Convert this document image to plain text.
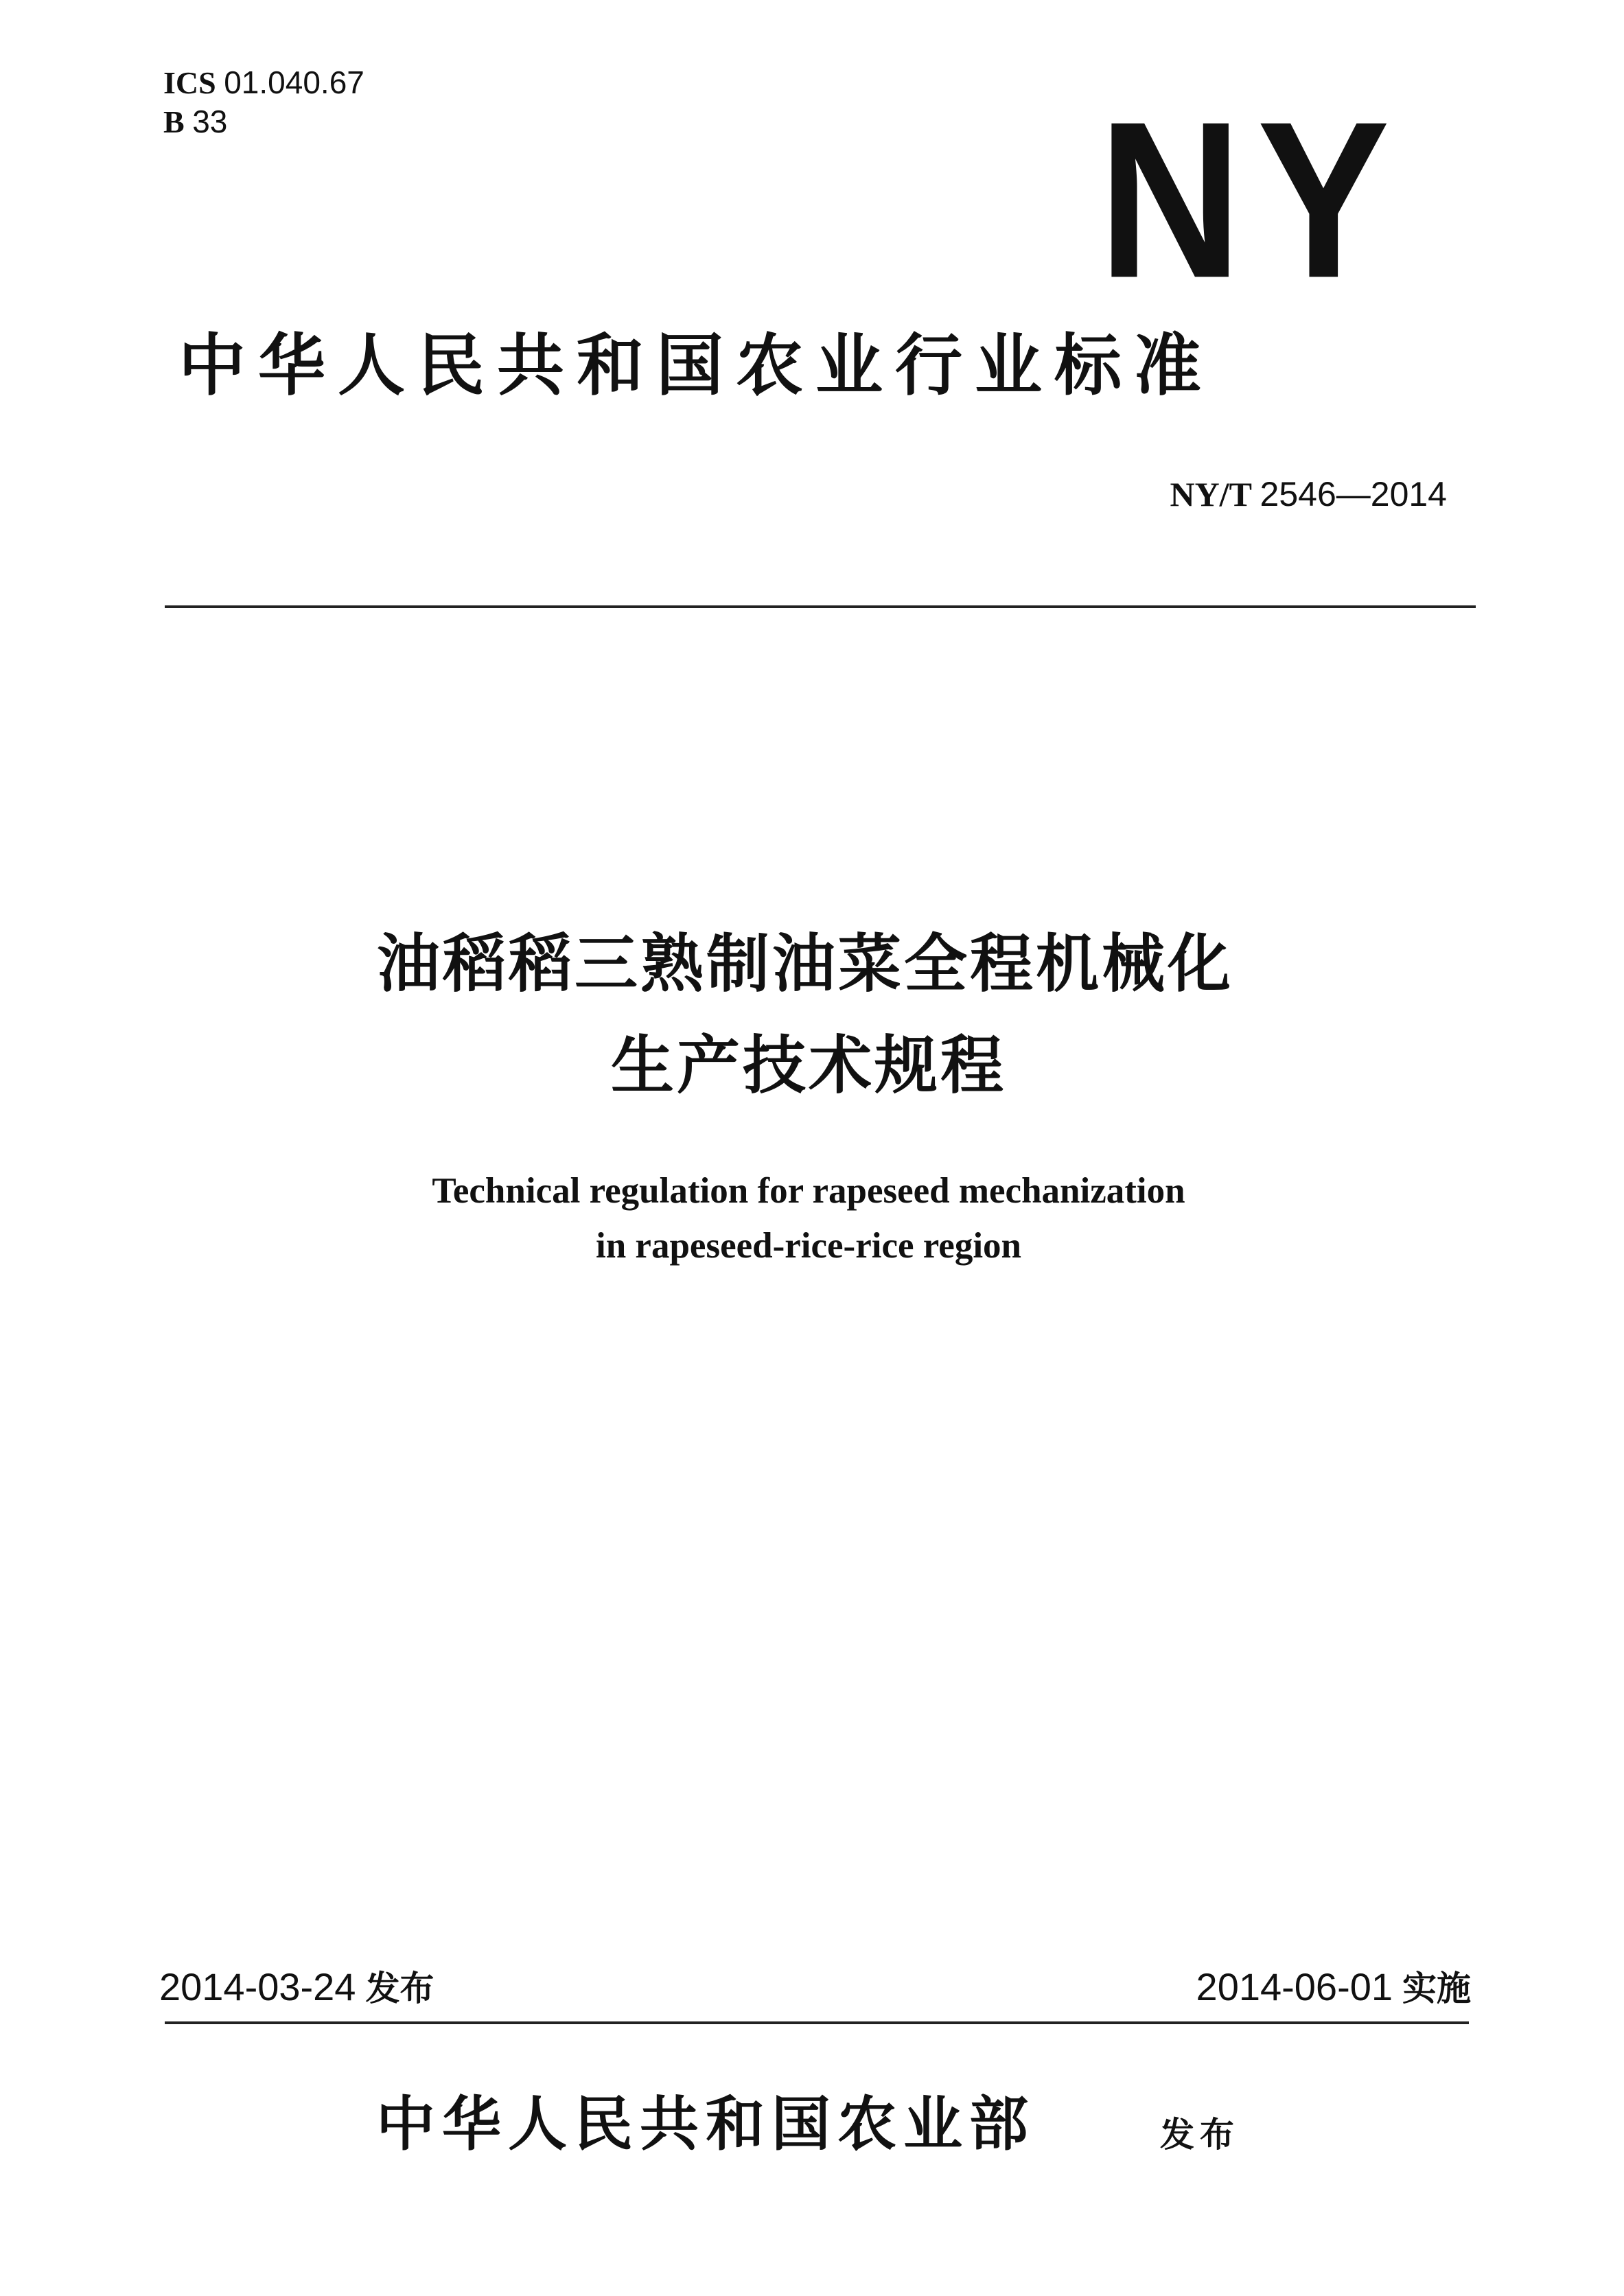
ICS 01.040.67
B 33	NY
中华人民共和国农业行业标准
NY/T 2546—2014
油稻稻三熟制油菜全程机械化
生产技术规程
Technical regulation for rapeseed mechanization
in rapeseed-rice-rice region
2014-03-24 发布	2014-06-01 实施
中华人民共和国农业部	发布
